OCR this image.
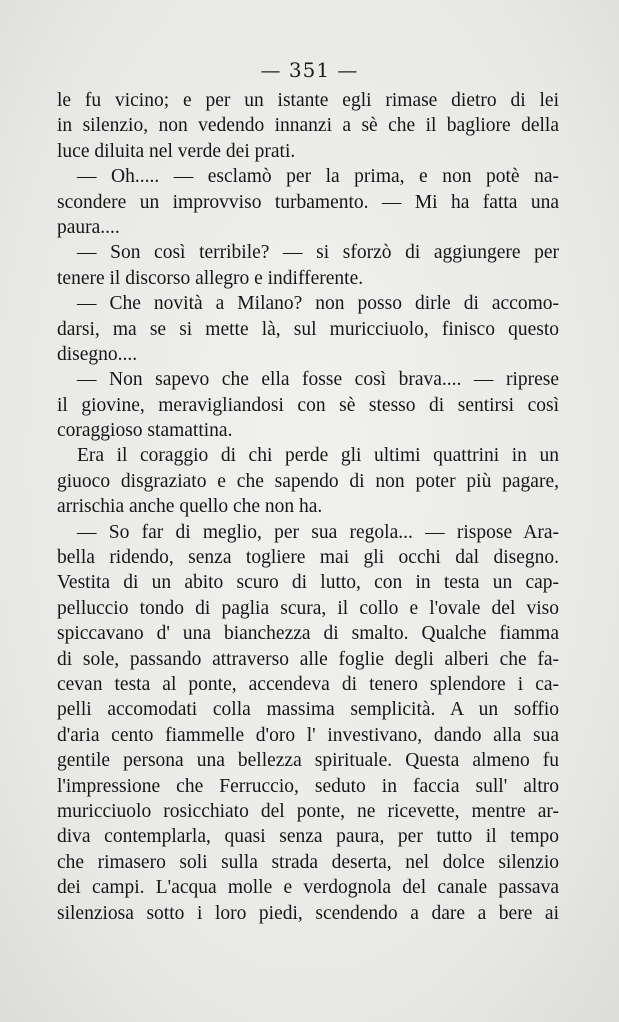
— 351 —
le fu vicino; e per un istante egli rimase dietro di lei
in silenzio, non vedendo innanzi a sè che il bagliore della
luce diluita nel verde dei prati.
— Oh..... — esclamò per la prima, e non potè na-
scondere un improvviso turbamento. — Mi ha fatta una
paura....
— Son così terribile? — si sforzò di aggiungere per
tenere il discorso allegro e indifferente.
— Che novità a Milano? non posso dirle di accomo-
darsi, ma se si mette là, sul muricciuolo, finisco questo
disegno....
— Non sapevo che ella fosse così brava.... — riprese
il giovine, meravigliandosi con sè stesso di sentirsi così
coraggioso stamattina.
Era il coraggio di chi perde gli ultimi quattrini in un
giuoco disgraziato e che sapendo di non poter più pagare,
arrischia anche quello che non ha.
— So far di meglio, per sua regola... — rispose Ara-
bella ridendo, senza togliere mai gli occhi dal disegno.
Vestita di un abito scuro di lutto, con in testa un cap-
pelluccio tondo di paglia scura, il collo e l'ovale del viso
spiccavano d' una bianchezza di smalto. Qualche fiamma
di sole, passando attraverso alle foglie degli alberi che fa-
cevan testa al ponte, accendeva di tenero splendore i ca-
pelli accomodati colla massima semplicità. A un soffio
d'aria cento fiammelle d'oro l' investivano, dando alla sua
gentile persona una bellezza spirituale. Questa almeno fu
l'impressione che Ferruccio, seduto in faccia sull' altro
muricciuolo rosicchiato del ponte, ne ricevette, mentre ar-
diva contemplarla, quasi senza paura, per tutto il tempo
che rimasero soli sulla strada deserta, nel dolce silenzio
dei campi. L'acqua molle e verdognola del canale passava
silenziosa sotto i loro piedi, scendendo a dare a bere ai
